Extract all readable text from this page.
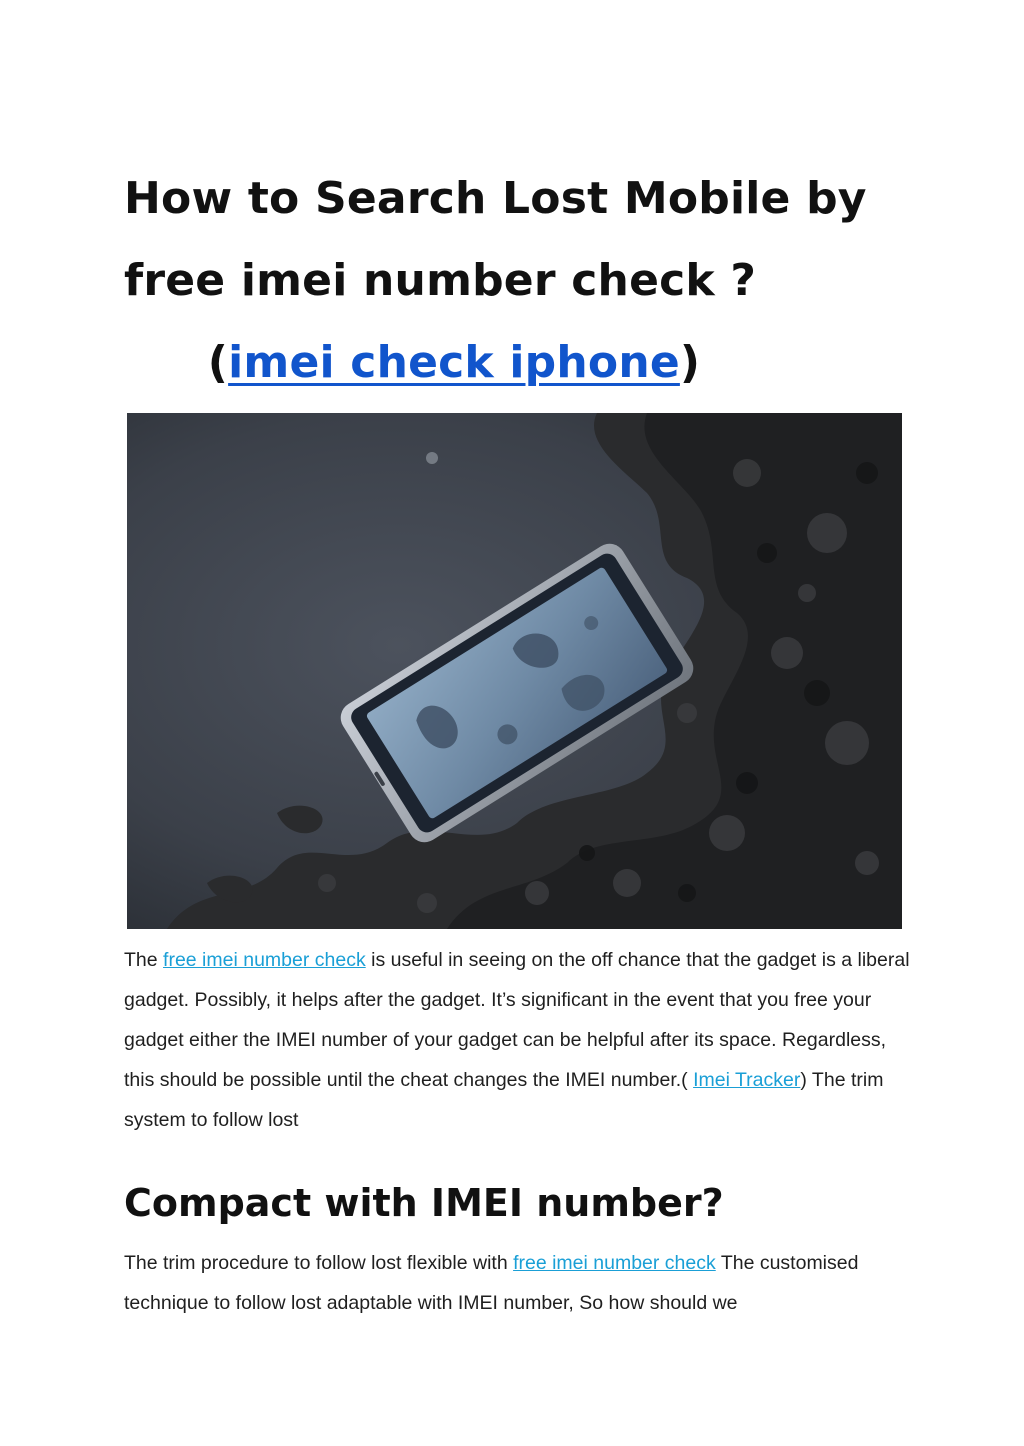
How to Search Lost Mobile by
free imei number check ?
(imei check iphone)

The free imei number check is useful in seeing on the off chance that the gadget is a liberal gadget. Possibly, it helps after the gadget. It’s significant in the event that you free your gadget either the IMEI number of your gadget can be helpful after its space. Regardless, this should be possible until the cheat changes the IMEI number.( Imei Tracker) The trim system to follow lost

Compact with IMEI number?

The trim procedure to follow lost flexible with free imei number check The customised technique to follow lost adaptable with IMEI number, So how should we
